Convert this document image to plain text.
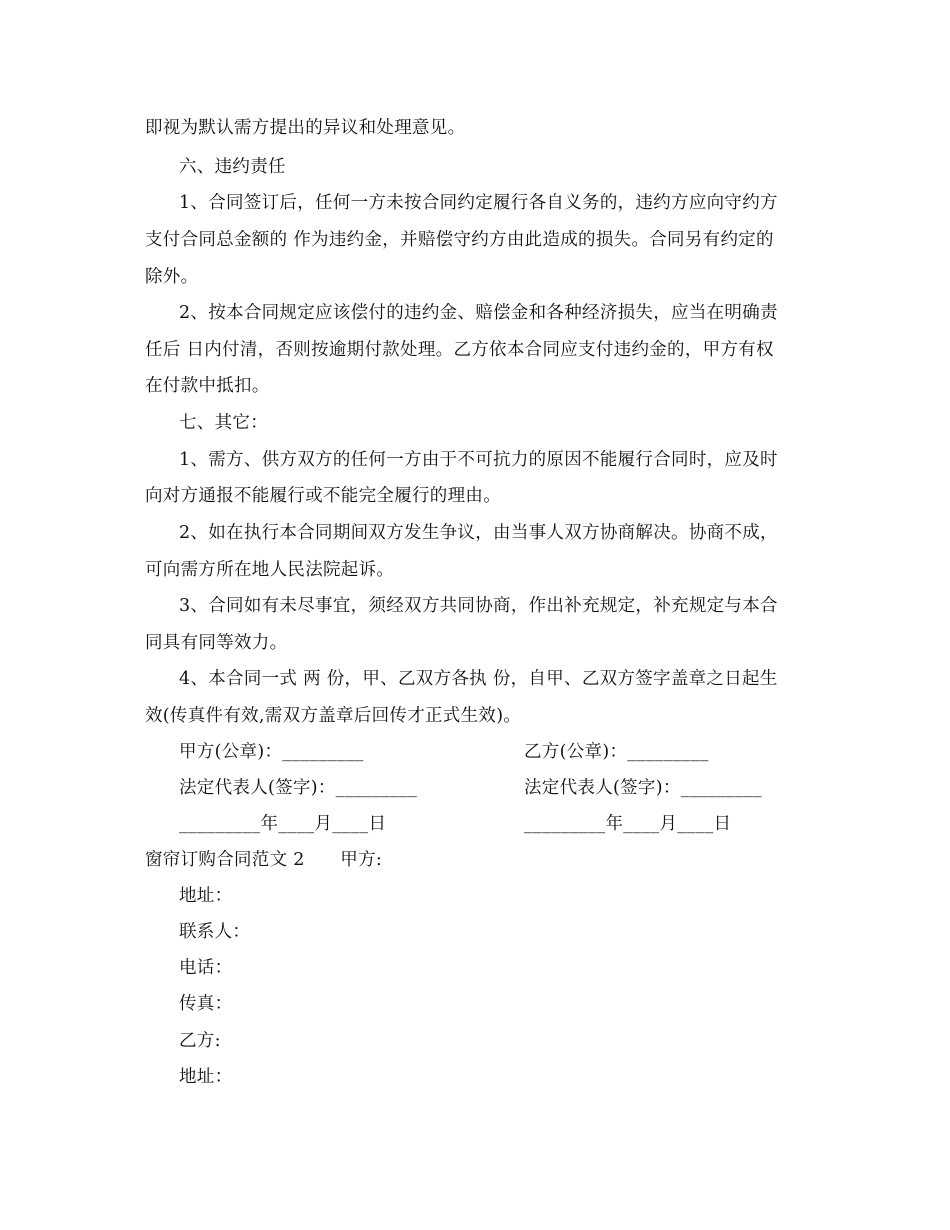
即视为默认需方提出的异议和处理意见。
六、违约责任
1、合同签订后，任何一方未按合同约定履行各自义务的，违约方应向守约方
支付合同总金额的 作为违约金，并赔偿守约方由此造成的损失。合同另有约定的
除外。
2、按本合同规定应该偿付的违约金、赔偿金和各种经济损失，应当在明确责
任后 日内付清，否则按逾期付款处理。乙方依本合同应支付违约金的，甲方有权
在付款中抵扣。
七、其它：
1、需方、供方双方的任何一方由于不可抗力的原因不能履行合同时，应及时
向对方通报不能履行或不能完全履行的理由。
2、如在执行本合同期间双方发生争议，由当事人双方协商解决。协商不成，
可向需方所在地人民法院起诉。
3、合同如有未尽事宜，须经双方共同协商，作出补充规定，补充规定与本合
同具有同等效力。
4、本合同一式 两 份，甲、乙双方各执 份，自甲、乙双方签字盖章之日起生
效(传真件有效,需双方盖章后回传才正式生效)。
甲方(公章)：_________	乙方(公章)：_________
法定代表人(签字)：_________	法定代表人(签字)：_________
_________年____月____日	_________年____月____日
窗帘订购合同范文 2　　甲方:
地址：
联系人：
电话：
传真：
乙方:
地址：
